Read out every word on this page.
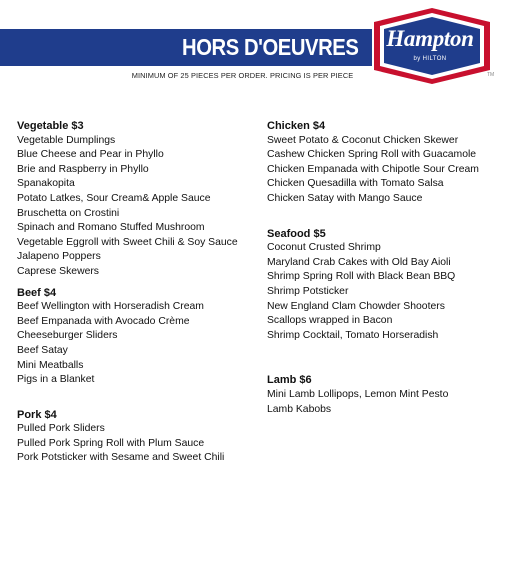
HORS D'OEUVRES Hampton
by HILTON
TM
MINIMUM OF 25 PIECES PER ORDER. PRICING IS PER PIECE
Vegetable $3
Vegetable Dumplings
Blue Cheese and Pear in Phyllo
Brie and Raspberry in Phyllo
Spanakopita
Potato Latkes, Sour Cream& Apple Sauce
Bruschetta on Crostini
Spinach and Romano Stuffed Mushroom
Vegetable Eggroll with Sweet Chili & Soy Sauce
Jalapeno Poppers
Caprese Skewers
Beef $4
Beef Wellington with Horseradish Cream
Beef Empanada with Avocado Crème
Cheeseburger Sliders
Beef Satay
Mini Meatballs
Pigs in a Blanket
Pork $4
Pulled Pork Sliders
Pulled Pork Spring Roll with Plum Sauce
Pork Potsticker with Sesame and Sweet Chili
Chicken $4
Sweet Potato & Coconut Chicken Skewer
Cashew Chicken Spring Roll with Guacamole
Chicken Empanada with Chipotle Sour Cream
Chicken Quesadilla with Tomato Salsa
Chicken Satay with Mango Sauce
Seafood $5
Coconut Crusted Shrimp
Maryland Crab Cakes with Old Bay Aioli
Shrimp Spring Roll with Black Bean BBQ
Shrimp Potsticker
New England Clam Chowder Shooters
Scallops wrapped in Bacon
Shrimp Cocktail, Tomato Horseradish
Lamb $6
Mini Lamb Lollipops, Lemon Mint Pesto
Lamb Kabobs
